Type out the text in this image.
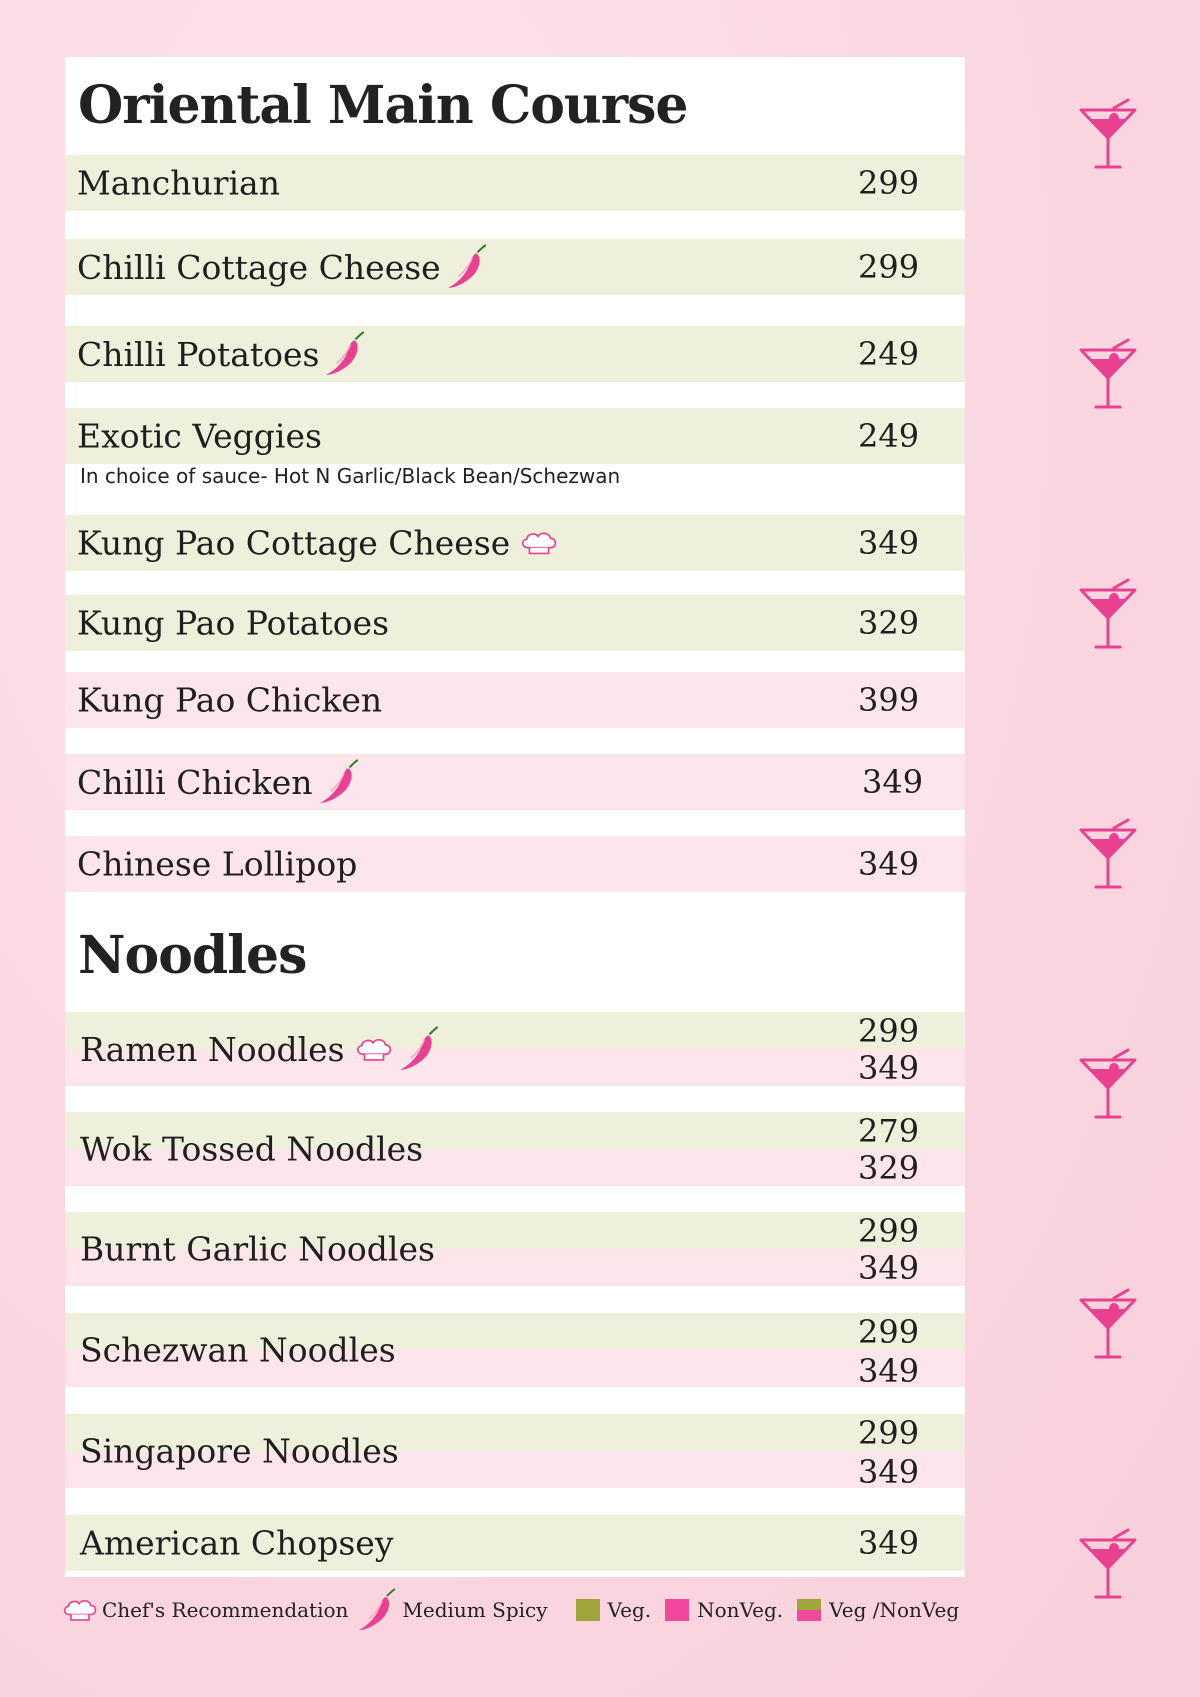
Oriental Main Course
Manchurian	299
Chilli Cottage Cheese	299
Chilli Potatoes	249
Exotic Veggies	249
In choice of sauce- Hot N Garlic/Black Bean/Schezwan
Kung Pao Cottage Cheese	349
Kung Pao Potatoes	329
Kung Pao Chicken	399
Chilli Chicken	349
Chinese Lollipop	349
Noodles
Ramen Noodles	299
349
Wok Tossed Noodles	279
329
Burnt Garlic Noodles	299
349
Schezwan Noodles	299
349
Singapore Noodles	299
349
American Chopsey	349
Chef's Recommendation	Medium Spicy	Veg. NonVeg. Veg /NonVeg
